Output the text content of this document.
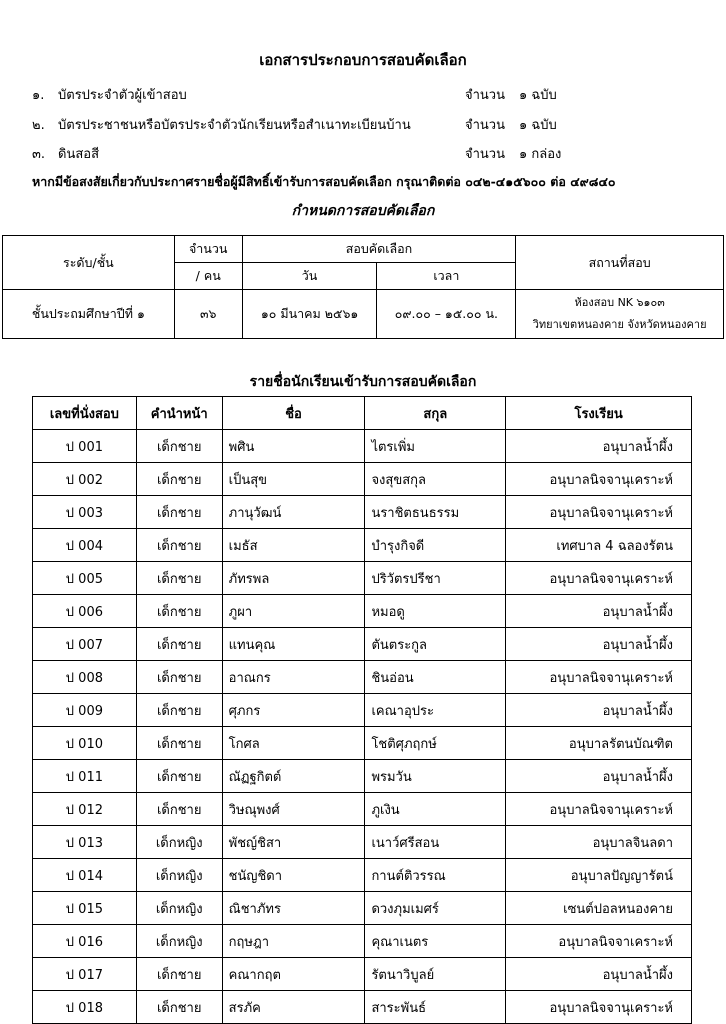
เอกสารประกอบการสอบคัดเลือก
๑. บัตรประจำตัวผู้เข้าสอบ	จำนวน ๑ ฉบับ
๒. บัตรประชาชนหรือบัตรประจำตัวนักเรียนหรือสำเนาทะเบียนบ้าน	จำนวน ๑ ฉบับ
๓. ดินสอสี	จำนวน ๑ กล่อง
หากมีข้อสงสัยเกี่ยวกับประกาศรายชื่อผู้มีสิทธิ์เข้ารับการสอบคัดเลือก กรุณาติดต่อ ๐๔๒-๔๑๕๖๐๐ ต่อ ๔๙๘๔๐
กำหนดการสอบคัดเลือก
ระดับ/ชั้น	จำนวน	สอบคัดเลือก		สถานที่สอบ
	/ คน	วัน	เวลา	
ชั้นประถมศึกษาปีที่ ๑	๓๖	๑๐ มีนาคม ๒๕๖๑	๐๙.๐๐ – ๑๕.๐๐ น.	ห้องสอบ NK ๖๑๐๓
วิทยาเขตหนองคาย จังหวัดหนองคาย
รายชื่อนักเรียนเข้ารับการสอบคัดเลือก
เลขที่นั่งสอบ	คำนำหน้า	ชื่อ	สกุล	โรงเรียน
ป 001	เด็กชาย	พศิน	ไตรเพิ่ม	อนุบาลน้ำผึ้ง
ป 002	เด็กชาย	เป็นสุข	จงสุขสกุล	อนุบาลนิจจานุเคราะห์
ป 003	เด็กชาย	ภานุวัฒน์	นราชิตธนธรรม	อนุบาลนิจจานุเคราะห์
ป 004	เด็กชาย	เมธัส	บำรุงกิจดี	เทศบาล 4 ฉลองรัตน
ป 005	เด็กชาย	ภัทรพล	ปริวัตรปรีชา	อนุบาลนิจจานุเคราะห์
ป 006	เด็กชาย	ภูผา	หมอดู	อนุบาลน้ำผึ้ง
ป 007	เด็กชาย	แทนคุณ	ตันตระกูล	อนุบาลน้ำผึ้ง
ป 008	เด็กชาย	อาณกร	ชินอ่อน	อนุบาลนิจจานุเคราะห์
ป 009	เด็กชาย	ศุภกร	เคณาอุประ	อนุบาลน้ำผึ้ง
ป 010	เด็กชาย	โกศล	โชติศุภฤกษ์	อนุบาลรัตนบัณฑิต
ป 011	เด็กชาย	ณัฏฐกิตต์	พรมวัน	อนุบาลน้ำผึ้ง
ป 012	เด็กชาย	วิษณุพงศ์	ภูเงิน	อนุบาลนิจจานุเคราะห์
ป 013	เด็กหญิง	พัชญ์ชิสา	เนาว์ศรีสอน	อนุบาลจินลดา
ป 014	เด็กหญิง	ชนัญชิดา	กานต์ติวรรณ	อนุบาลปัญญารัตน์
ป 015	เด็กหญิง	ณิชาภัทร	ดวงภุมเมศร์	เซนต์ปอลหนองคาย
ป 016	เด็กหญิง	กฤษฎา	คุณาเนตร	อนุบาลนิจจาเคราะห์
ป 017	เด็กชาย	คณากฤต	รัตนาวิบูลย์	อนุบาลน้ำผึ้ง
ป 018	เด็กชาย	สรภัค	สาระพันธ์	อนุบาลนิจจานุเคราะห์
